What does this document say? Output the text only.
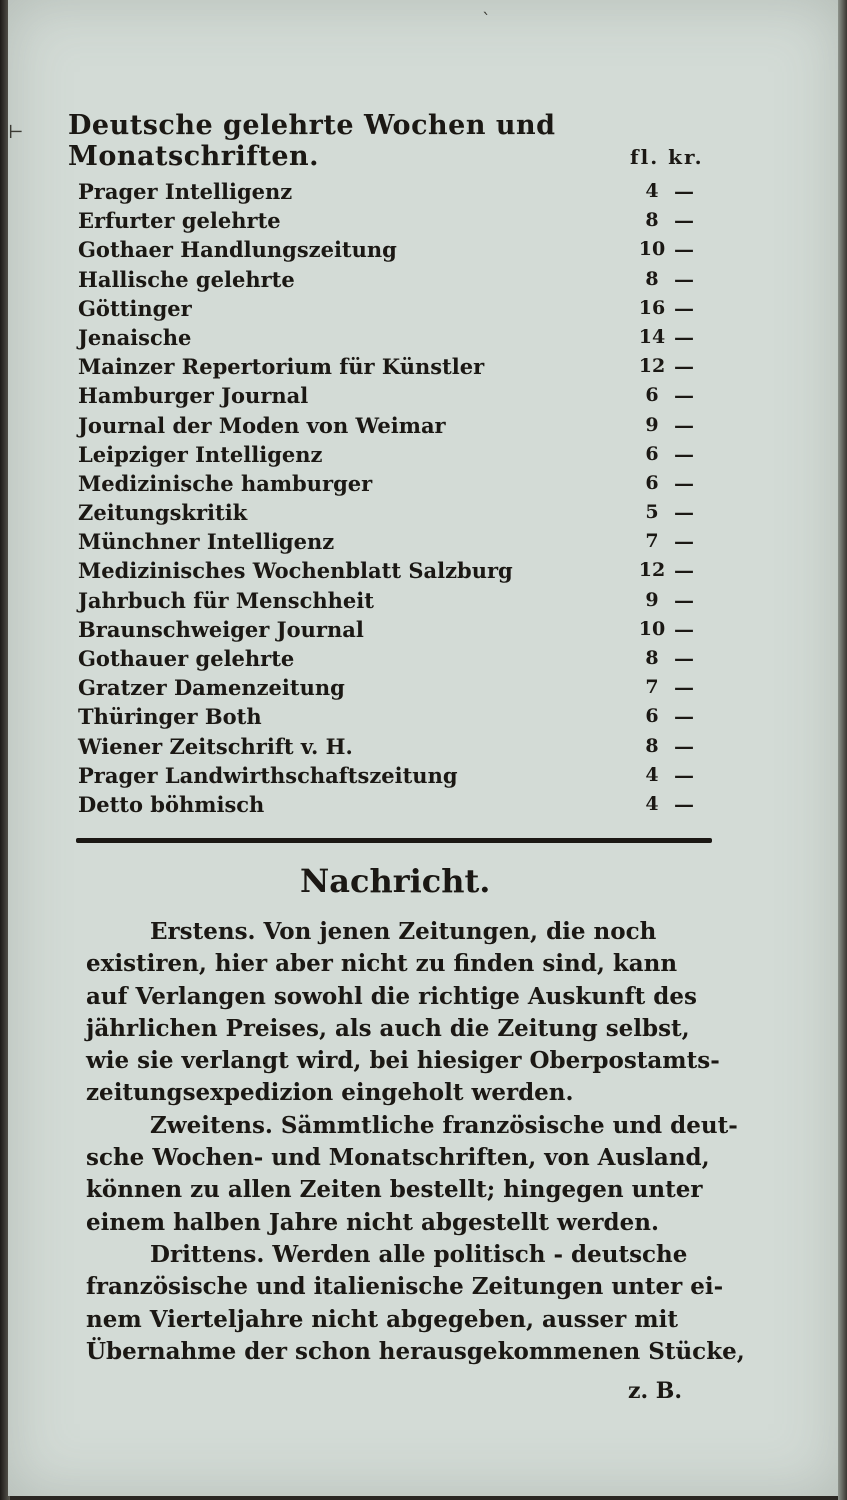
⊢
ˋ
Deutsche gelehrte Wochen und Monatschriften.	fl. kr.
Prager Intelligenz	4 —
Erfurter gelehrte	8 —
Gothaer Handlungszeitung	10 —
Hallische gelehrte	8 —
Göttinger	16 —
Jenaische	14 —
Mainzer Repertorium für Künstler	12 —
Hamburger Journal	6 —
Journal der Moden von Weimar	9 —
Leipziger Intelligenz	6 —
Medizinische hamburger	6 —
Zeitungskritik	5 —
Münchner Intelligenz	7 —
Medizinisches Wochenblatt Salzburg	12 —
Jahrbuch für Menschheit	9 —
Braunschweiger Journal	10 —
Gothauer gelehrte	8 —
Gratzer Damenzeitung	7 —
Thüringer Both	6 —
Wiener Zeitschrift v. H.	8 —
Prager Landwirthschaftszeitung	4 —
Detto böhmisch	4 —
Nachricht.
Erstens. Von jenen Zeitungen, die noch
existiren, hier aber nicht zu finden sind, kann
auf Verlangen sowohl die richtige Auskunft des
jährlichen Preises, als auch die Zeitung selbst,
wie sie verlangt wird, bei hiesiger Oberpostamts-
zeitungsexpedizion eingeholt werden.
Zweitens. Sämmtliche französische und deut-
sche Wochen- und Monatschriften, von Ausland,
können zu allen Zeiten bestellt; hingegen unter
einem halben Jahre nicht abgestellt werden.
Drittens. Werden alle politisch - deutsche
französische und italienische Zeitungen unter ei-
nem Vierteljahre nicht abgegeben, ausser mit
Übernahme der schon herausgekommenen Stücke,
z. B.
